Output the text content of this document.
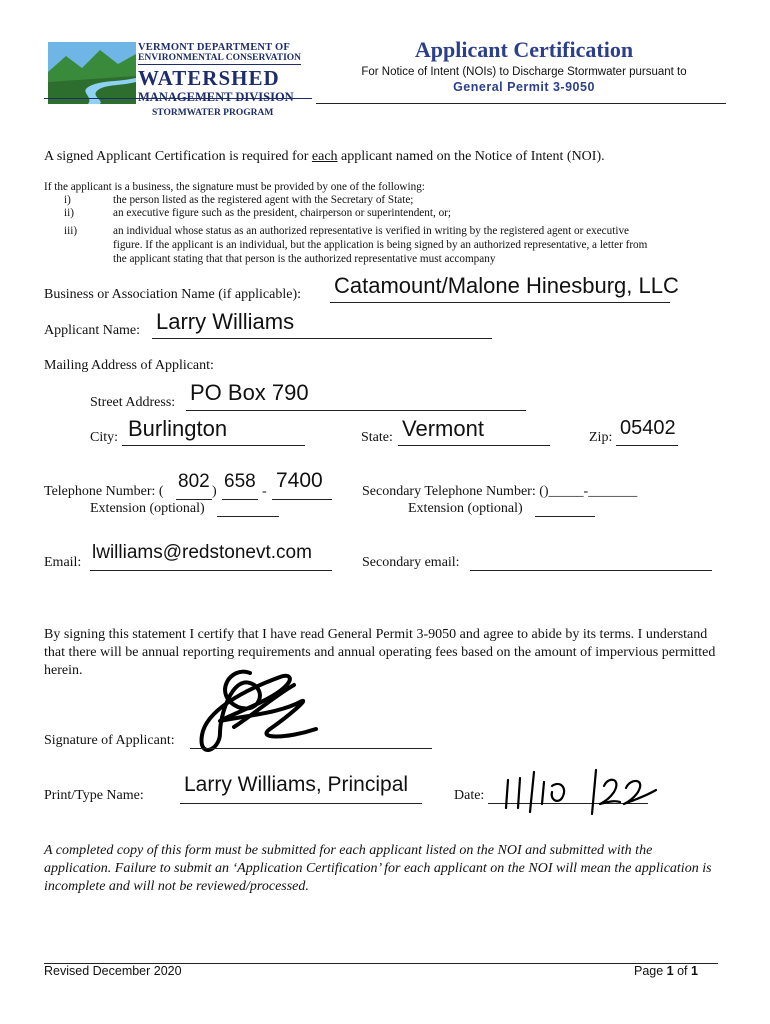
VERMONT DEPARTMENT OF
ENVIRONMENTAL CONSERVATION
WATERSHED
MANAGEMENT DIVISION
STORMWATER PROGRAM
Applicant Certification
For Notice of Intent (NOIs) to Discharge Stormwater pursuant to
General Permit 3-9050
A signed Applicant Certification is required for each applicant named on the Notice of Intent (NOI).
If the applicant is a business, the signature must be provided by one of the following:
i)	the person listed as the registered agent with the Secretary of State;
ii)	an executive figure such as the president, chairperson or superintendent, or;
iii)	an individual whose status as an authorized representative is verified in writing by the registered agent or executive
figure. If the applicant is an individual, but the application is being signed by an authorized representative, a letter from
the applicant stating that that person is the authorized representative must accompany
Business or Association Name (if applicable): Catamount/Malone Hinesburg, LLC
Applicant Name: Larry Williams
Mailing Address of Applicant:
Street Address: PO Box 790
City: Burlington	State: Vermont	Zip: 05402
Telephone Number: (	)
802 658 - 7400
Extension (optional)
Secondary Telephone Number: ()_____-_______
Extension (optional)
Email: lwilliams@redstonevt.com	Secondary email:
By signing this statement I certify that I have read General Permit 3-9050 and agree to abide by its terms. I understand that there will be annual reporting requirements and annual operating fees based on the amount of impervious permitted herein.
Signature of Applicant:
Print/Type Name: Larry Williams, Principal	Date:
A completed copy of this form must be submitted for each applicant listed on the NOI and submitted with the application. Failure to submit an ‘Application Certification’ for each applicant on the NOI will mean the application is incomplete and will not be reviewed/processed.
Revised December 2020	Page 1 of 1
